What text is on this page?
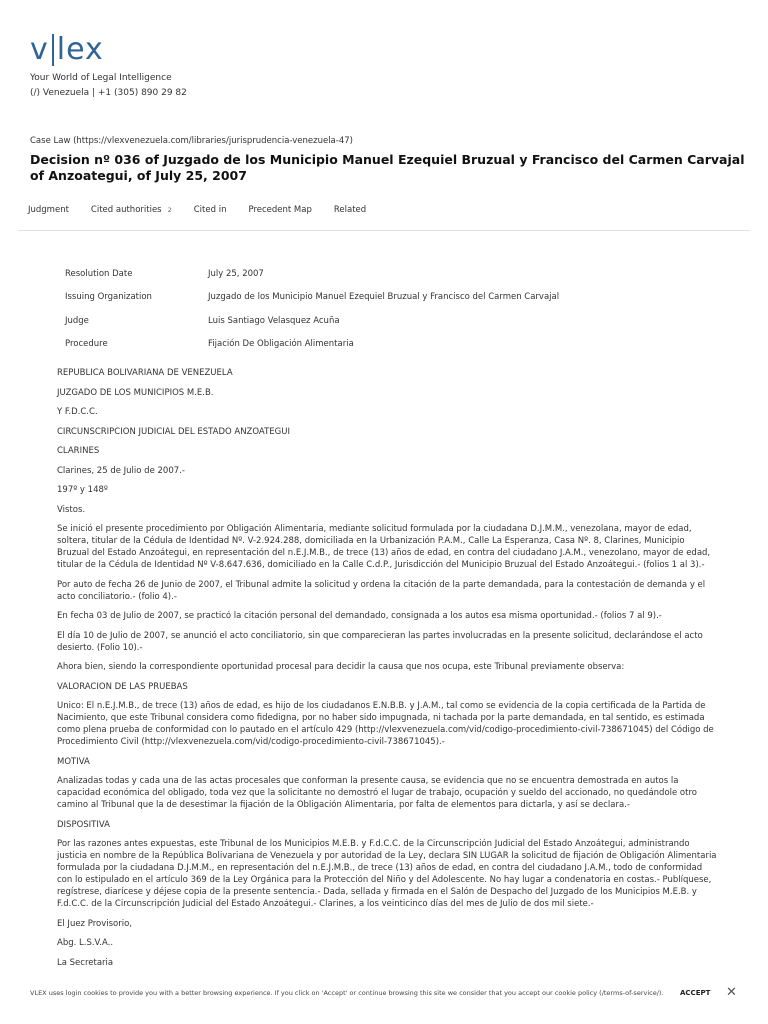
v lex
Your World of Legal Intelligence
(/) Venezuela | +1 (305) 890 29 82
Case Law (https://vlexvenezuela.com/libraries/jurisprudencia-venezuela-47)
Decision nº 036 of Juzgado de los Municipio Manuel Ezequiel Bruzual y Francisco del Carmen Carvajal of Anzoategui, of July 25, 2007
Judgment	Cited authorities 2	Cited in	Precedent Map	Related
Resolution Date	July 25, 2007
Issuing Organization	Juzgado de los Municipio Manuel Ezequiel Bruzual y Francisco del Carmen Carvajal
Judge	Luis Santiago Velasquez Acuña
Procedure	Fijación De Obligación Alimentaria

REPUBLICA BOLIVARIANA DE VENEZUELA

JUZGADO DE LOS MUNICIPIOS M.E.B.

Y F.D.C.C.

CIRCUNSCRIPCION JUDICIAL DEL ESTADO ANZOATEGUI

CLARINES

Clarines, 25 de Julio de 2007.-

197º y 148º

Vistos.

Se inició el presente procedimiento por Obligación Alimentaria, mediante solicitud formulada por la ciudadana D.J.M.M., venezolana, mayor de edad, soltera, titular de la Cédula de Identidad Nº. V-2.924.288, domiciliada en la Urbanización P.A.M., Calle La Esperanza, Casa Nº. 8, Clarines, Municipio Bruzual del Estado Anzoátegui, en representación del n.E.J.M.B., de trece (13) años de edad, en contra del ciudadano J.A.M., venezolano, mayor de edad, titular de la Cédula de Identidad Nº V-8.647.636, domiciliado en la Calle C.d.P., Jurisdicción del Municipio Bruzual del Estado Anzoátegui.- (folios 1 al 3).-

Por auto de fecha 26 de Junio de 2007, el Tribunal admite la solicitud y ordena la citación de la parte demandada, para la contestación de demanda y el acto conciliatorio.- (folio 4).-

En fecha 03 de Julio de 2007, se practicó la citación personal del demandado, consignada a los autos esa misma oportunidad.- (folios 7 al 9).-

El día 10 de Julio de 2007, se anunció el acto conciliatorio, sin que comparecieran las partes involucradas en la presente solicitud, declarándose el acto desierto. (Folio 10).-

Ahora bien, siendo la correspondiente oportunidad procesal para decidir la causa que nos ocupa, este Tribunal previamente observa:

VALORACION DE LAS PRUEBAS

Unico: El n.E.J.M.B., de trece (13) años de edad, es hijo de los ciudadanos E.N.B.B. y J.A.M., tal como se evidencia de la copia certificada de la Partida de Nacimiento, que este Tribunal considera como fidedigna, por no haber sido impugnada, ni tachada por la parte demandada, en tal sentido, es estimada como plena prueba de conformidad con lo pautado en el artículo 429 (http://vlexvenezuela.com/vid/codigo-procedimiento-civil-738671045) del Código de Procedimiento Civil (http://vlexvenezuela.com/vid/codigo-procedimiento-civil-738671045).-

MOTIVA

Analizadas todas y cada una de las actas procesales que conforman la presente causa, se evidencia que no se encuentra demostrada en autos la capacidad económica del obligado, toda vez que la solicitante no demostró el lugar de trabajo, ocupación y sueldo del accionado, no quedándole otro camino al Tribunal que la de desestimar la fijación de la Obligación Alimentaria, por falta de elementos para dictarla, y así se declara.-

DISPOSITIVA

Por las razones antes expuestas, este Tribunal de los Municipios M.E.B. y F.d.C.C. de la Circunscripción Judicial del Estado Anzoátegui, administrando justicia en nombre de la República Bolivariana de Venezuela y por autoridad de la Ley, declara SIN LUGAR la solicitud de fijación de Obligación Alimentaria formulada por la ciudadana D.J.M.M., en representación del n.E.J.M.B., de trece (13) años de edad, en contra del ciudadano J.A.M., todo de conformidad con lo estipulado en el artículo 369 de la Ley Orgánica para la Protección del Niño y del Adolescente. No hay lugar a condenatoria en costas.- Publíquese, regístrese, diarícese y déjese copia de la presente sentencia.- Dada, sellada y firmada en el Salón de Despacho del Juzgado de los Municipios M.E.B. y F.d.C.C. de la Circunscripción Judicial del Estado Anzoátegui.- Clarines, a los veinticinco días del mes de Julio de dos mil siete.-

El Juez Provisorio,

Abg. L.S.V.A..

La Secretaria

VLEX uses login cookies to provide you with a better browsing experience. If you click on 'Accept' or continue browsing this site we consider that you accept our cookie policy (/terms-of-service/). ACCEPT ✕
